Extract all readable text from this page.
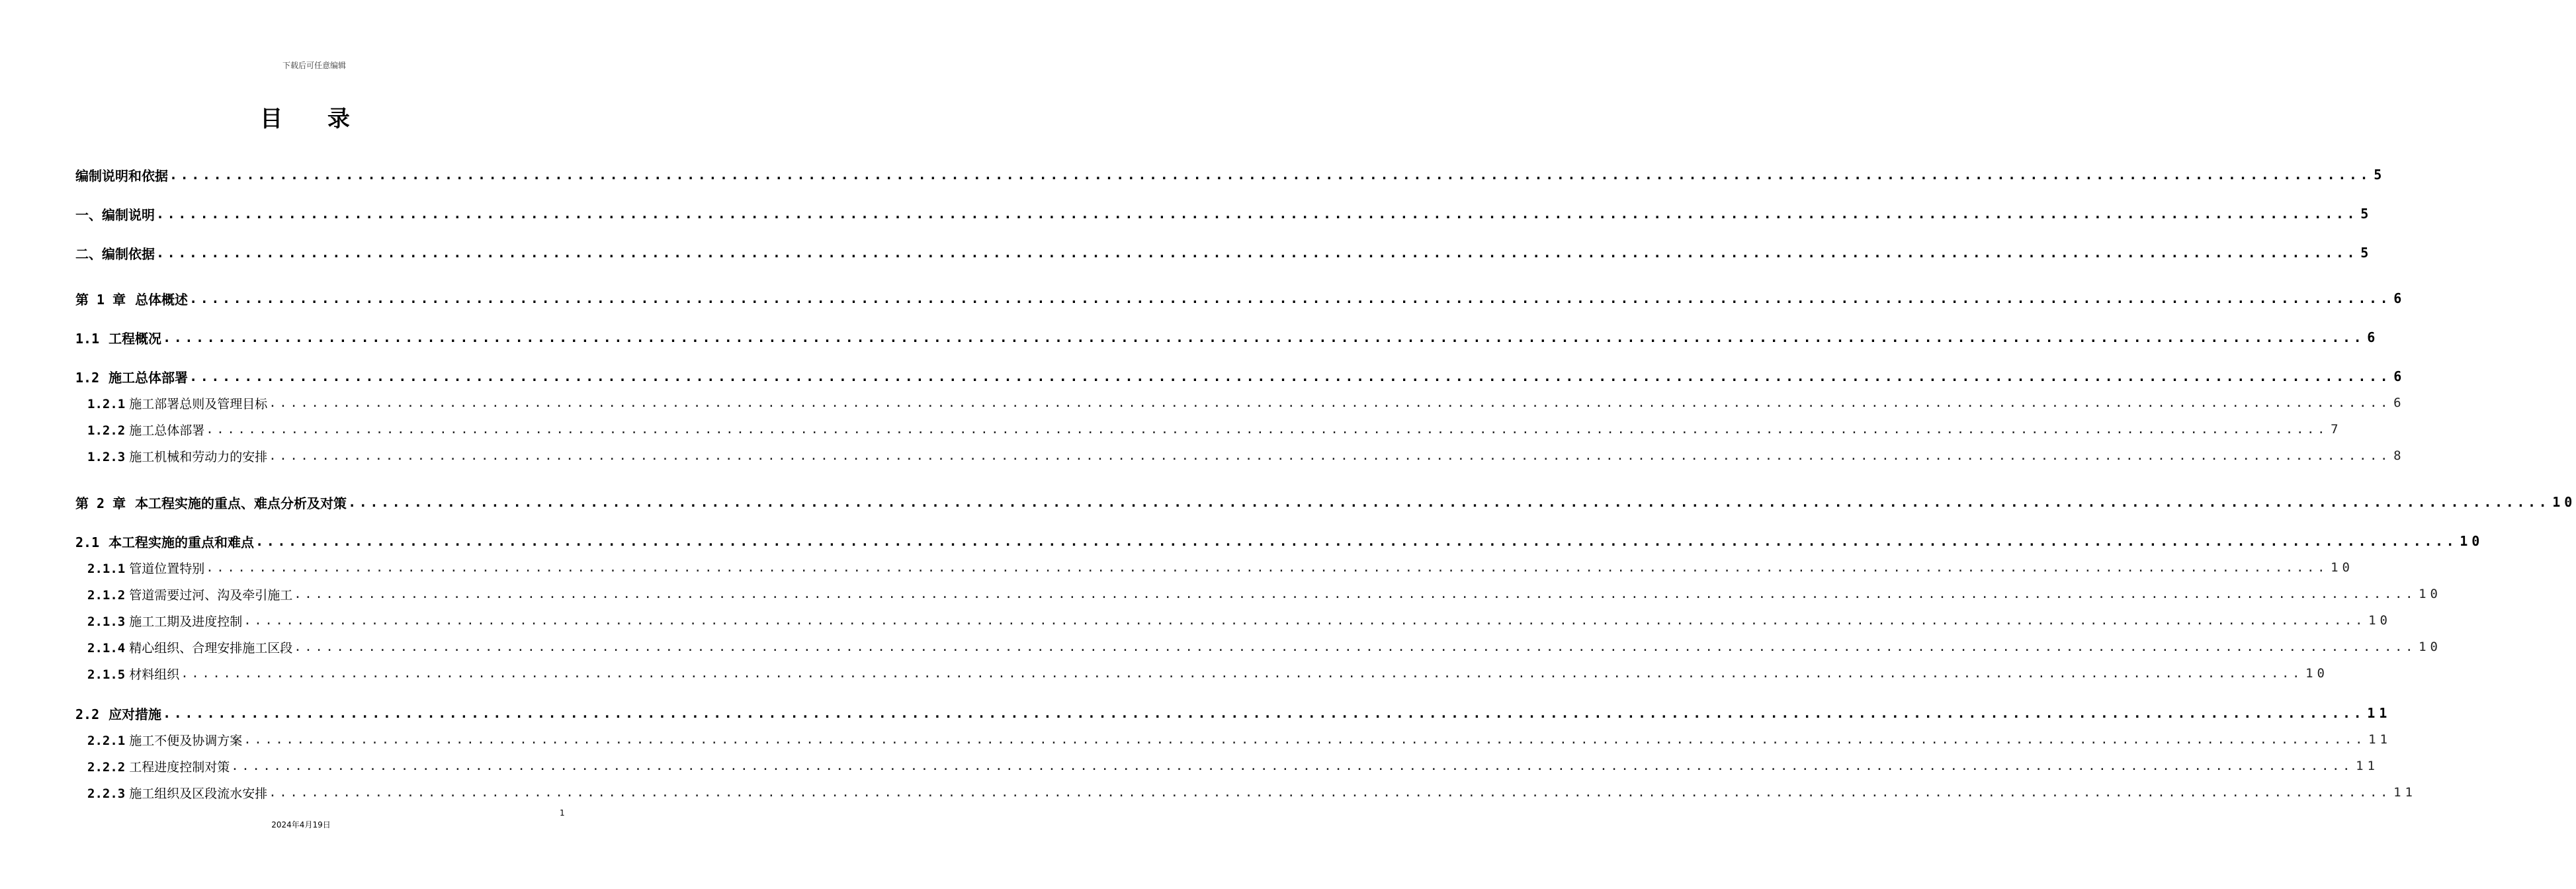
下载后可任意编辑
目 录
编制说明和依据 ........................................................................................................................................................................................................ 5
一、编制说明 ........................................................................................................................................................................................................ 5
二、编制依据 ........................................................................................................................................................................................................ 5
第 1 章 总体概述 ........................................................................................................................................................................................................ 6
1.1 工程概况 ........................................................................................................................................................................................................ 6
1.2 施工总体部署 ........................................................................................................................................................................................................ 6
1.2.1 施工部署总则及管理目标 ........................................................................................................................................................................................................ 6
1.2.2 施工总体部署 ........................................................................................................................................................................................................ 7
1.2.3 施工机械和劳动力的安排 ........................................................................................................................................................................................................ 8
第 2 章 本工程实施的重点、难点分析及对策 ........................................................................................................................................................................................................ 10
2.1 本工程实施的重点和难点 ........................................................................................................................................................................................................ 10
2.1.1 管道位置特别 ........................................................................................................................................................................................................ 10
2.1.2 管道需要过河、沟及牵引施工 ........................................................................................................................................................................................................ 10
2.1.3 施工工期及进度控制 ........................................................................................................................................................................................................ 10
2.1.4 精心组织、合理安排施工区段 ........................................................................................................................................................................................................ 10
2.1.5 材料组织 ........................................................................................................................................................................................................ 10
2.2 应对措施 ........................................................................................................................................................................................................ 11
2.2.1 施工不便及协调方案 ........................................................................................................................................................................................................ 11
2.2.2 工程进度控制对策 ........................................................................................................................................................................................................ 11
2.2.3 施工组织及区段流水安排 ........................................................................................................................................................................................................ 11
1
2024年4月19日
